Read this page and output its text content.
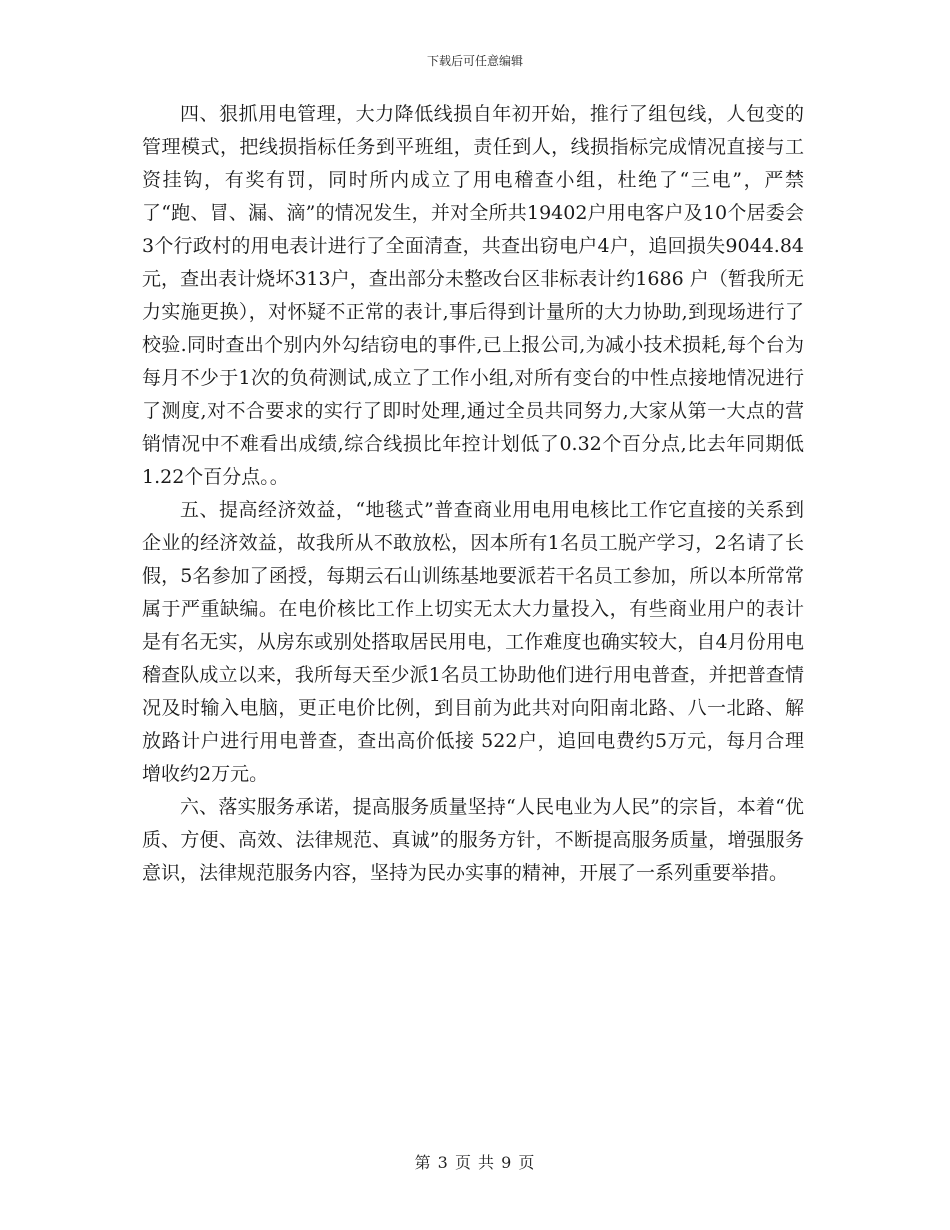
下载后可任意编辑

四、狠抓用电管理，大力降低线损自年初开始，推行了组包线，人包变的管理模式，把线损指标任务到平班组，责任到人，线损指标完成情况直接与工资挂钩，有奖有罚，同时所内成立了用电稽查小组，杜绝了“三电”，严禁了“跑、冒、漏、滴”的情况发生，并对全所共19402户用电客户及10个居委会3个行政村的用电表计进行了全面清查，共查出窃电户4户，追回损失9044.84 元，查出表计烧坏313户，查出部分未整改台区非标表计约1686 户（暂我所无力实施更换），对怀疑不正常的表计,事后得到计量所的大力协助,到现场进行了校验.同时查出个别内外勾结窃电的事件,已上报公司,为减小技术损耗,每个台为每月不少于1次的负荷测试,成立了工作小组,对所有变台的中性点接地情况进行了测度,对不合要求的实行了即时处理,通过全员共同努力,大家从第一大点的营销情况中不难看出成绩,综合线损比年控计划低了0.32个百分点,比去年同期低1.22个百分点。。

五、提高经济效益，“地毯式”普查商业用电用电核比工作它直接的关系到企业的经济效益，故我所从不敢放松，因本所有1名员工脱产学习，2名请了长假，5名参加了函授，每期云石山训练基地要派若干名员工参加，所以本所常常属于严重缺编。在电价核比工作上切实无太大力量投入，有些商业用户的表计是有名无实，从房东或别处搭取居民用电，工作难度也确实较大，自4月份用电稽查队成立以来，我所每天至少派1名员工协助他们进行用电普查，并把普查情况及时输入电脑，更正电价比例，到目前为此共对向阳南北路、八一北路、解放路计户进行用电普查，查出高价低接 522户，追回电费约5万元，每月合理增收约2万元。

六、落实服务承诺，提高服务质量坚持“人民电业为人民”的宗旨，本着“优质、方便、高效、法律规范、真诚”的服务方针，不断提高服务质量，增强服务意识，法律规范服务内容，坚持为民办实事的精神，开展了一系列重要举措。

第 3 页 共 9 页
